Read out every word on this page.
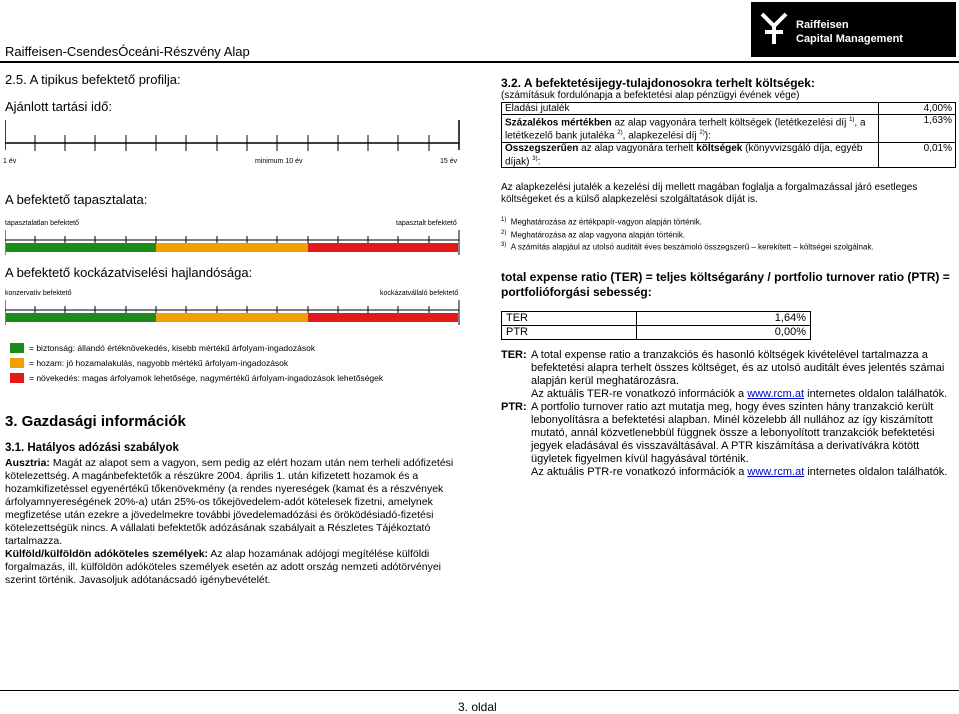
Raiffeisen-CsendesÓceáni-Részvény Alap
Raiffeisen
Capital Management
2.5. A tipikus befektető profilja:
Ajánlott tartási idő:
1 év	minimum 10 év	15 év
A befektető tapasztalata:
tapasztalatlan befektető	tapasztalt befektető
A befektető kockázatviselési hajlandósága:
konzervatív befektető	kockázatvállaló befektető
= biztonság: állandó értéknövekedés, kisebb mértékű árfolyam-ingadozások
= hozam: jó hozamalakulás, nagyobb mértékű árfolyam-ingadozások
= növekedés: magas árfolyamok lehetősége, nagymértékű árfolyam-ingadozások lehetőségek
3. Gazdasági információk
3.1. Hatályos adózási szabályok
Ausztria: Magát az alapot sem a vagyon, sem pedig az elért hozam után nem terheli adófizetési kötelezettség. A magánbefektetők a részükre 2004. április 1. után kifizetett hozamok és a hozamkifizetéssel egyenértékű tőkenövekmény (a rendes nyereségek (kamat és a részvények árfolyamnyereségének 20%-a) után 25%-os tőkejövedelem-adót kötelesek fizetni, amelynek megfizetése után ezekre a jövedelmekre további jövedelemadózási és öröködésiadó-fizetési kötelezettségük nincs. A vállalati befektetők adózásának szabályait a Részletes Tájékoztató tartalmazza.
Külföld/külföldön adóköteles személyek: Az alap hozamának adójogi megítélése külföldi forgalmazás, ill. külföldön adóköteles személyek esetén az adott ország nemzeti adótörvényei szerint történik. Javasoljuk adótanácsadó igénybevételét.
3.2. A befektetésijegy-tulajdonosokra terhelt költségek:
(számításuk fordulónapja a befektetési alap pénzügyi évének vége)
Eladási jutalék	4,00%
Százalékos mértékben az alap vagyonára terhelt költségek (letétkezelési díj $^{1)}$, a letétkezelő bank jutaléka $^{2)}$, alapkezelési díj $^{2)}$):	1,63%
Összegszerűen az alap vagyonára terhelt költségek (könyvvizsgáló díja, egyéb díjak) $^{3)}$:	0,01%
Az alapkezelési jutalék a kezelési díj mellett magában foglalja a forgalmazással járó esetleges költségeket és a külső alapkezelési szolgáltatások díját is.
$^{1)}$ Meghatározása az értékpapír-vagyon alapján történik.
$^{2)}$ Meghatározása az alap vagyona alapján történik.
$^{3)}$ A számítás alapjául az utolsó auditált éves beszámoló összegszerű – kerekített – költségei szolgálnak.
total expense ratio (TER) = teljes költségarány / portfolio turnover ratio (PTR) = portfolióforgási sebesség:
TER	1,64%
PTR	0,00%
TER: A total expense ratio a tranzakciós és hasonló költségek kivételével tartalmazza a befektetési alapra terhelt összes költséget, és az utolsó auditált éves jelentés számai alapján kerül meghatározásra.
Az aktuális TER-re vonatkozó információk a www.rcm.at internetes oldalon találhatók.
PTR: A portfolio turnover ratio azt mutatja meg, hogy éves szinten hány tranzakció került lebonyolításra a befektetési alapban. Minél közelebb áll nullához az így kiszámított mutató, annál közvetlenebbül függnek össze a lebonyolított tranzakciók befektetési jegyek eladásával és visszaváltásával. A PTR kiszámítása a derivatívákra kötött ügyletek figyelmen kívül hagyásával történik.
Az aktuális PTR-re vonatkozó információk a www.rcm.at internetes oldalon találhatók.
3. oldal
